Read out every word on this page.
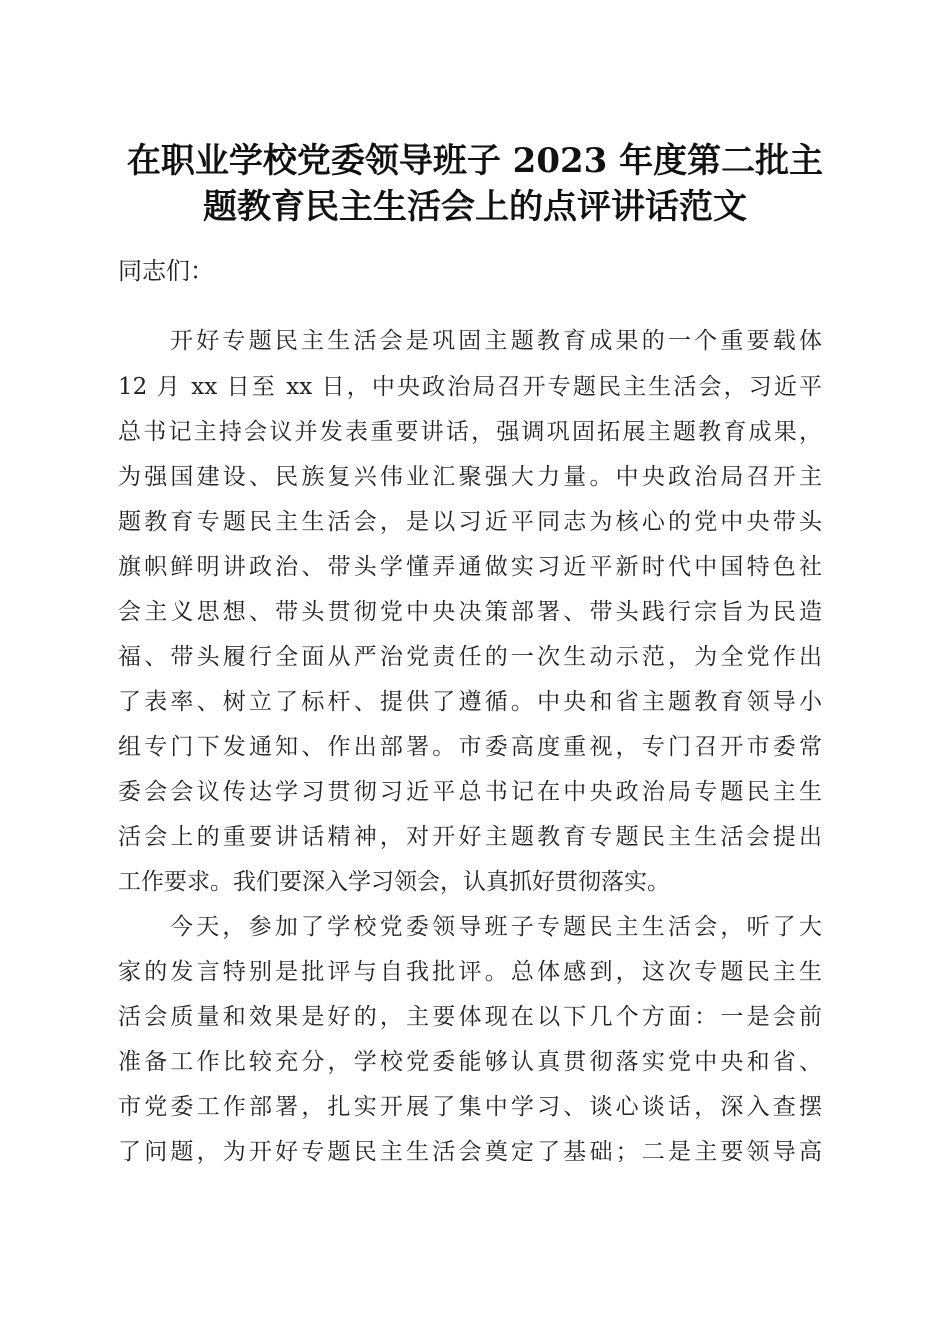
在职业学校党委领导班子 2023 年度第二批主
题教育民主生活会上的点评讲话范文
同志们：
开好专题民主生活会是巩固主题教育成果的一个重要载体
12 月 xx 日至 xx 日，中央政治局召开专题民主生活会，习近平
总书记主持会议并发表重要讲话，强调巩固拓展主题教育成果，
为强国建设、民族复兴伟业汇聚强大力量。中央政治局召开主
题教育专题民主生活会，是以习近平同志为核心的党中央带头
旗帜鲜明讲政治、带头学懂弄通做实习近平新时代中国特色社
会主义思想、带头贯彻党中央决策部署、带头践行宗旨为民造
福、带头履行全面从严治党责任的一次生动示范，为全党作出
了表率、树立了标杆、提供了遵循。中央和省主题教育领导小
组专门下发通知、作出部署。市委高度重视，专门召开市委常
委会会议传达学习贯彻习近平总书记在中央政治局专题民主生
活会上的重要讲话精神，对开好主题教育专题民主生活会提出
工作要求。我们要深入学习领会，认真抓好贯彻落实。
今天，参加了学校党委领导班子专题民主生活会，听了大
家的发言特别是批评与自我批评。总体感到，这次专题民主生
活会质量和效果是好的，主要体现在以下几个方面：一是会前
准备工作比较充分，学校党委能够认真贯彻落实党中央和省、
市党委工作部署，扎实开展了集中学习、谈心谈话，深入查摆
了问题，为开好专题民主生活会奠定了基础；二是主要领导高
